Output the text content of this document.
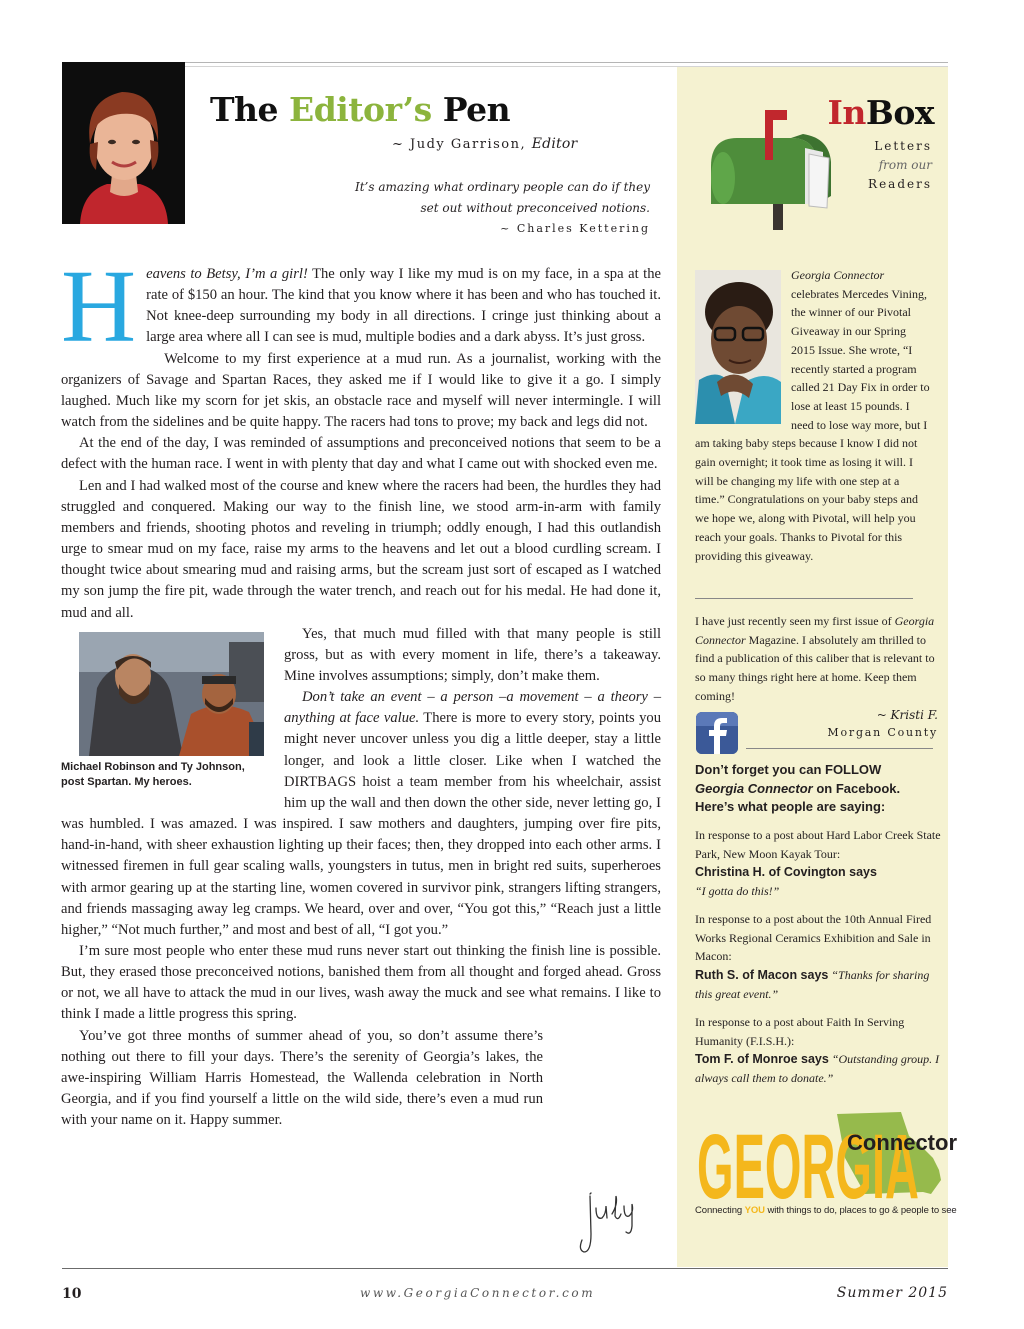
The Editor’s Pen
~ Judy Garrison, Editor
It’s amazing what ordinary people can do if they set out without preconceived notions.
~ Charles Kettering

Heavens to Betsy, I’m a girl! The only way I like my mud is on my face, in a spa at the rate of $150 an hour. The kind that you know where it has been and who has touched it. Not knee-deep surrounding my body in all directions. I cringe just thinking about a large area where all I can see is mud, multiple bodies and a dark abyss. It’s just gross.

Welcome to my first experience at a mud run. As a journalist, working with the organizers of Savage and Spartan Races, they asked me if I would like to give it a go. I simply laughed. Much like my scorn for jet skis, an obstacle race and myself will never intermingle. I will watch from the sidelines and be quite happy. The racers had tons to prove; my back and legs did not.

At the end of the day, I was reminded of assumptions and preconceived notions that seem to be a defect with the human race. I went in with plenty that day and what I came out with shocked even me.

Len and I had walked most of the course and knew where the racers had been, the hurdles they had struggled and conquered. Making our way to the finish line, we stood arm-in-arm with family members and friends, shooting photos and reveling in triumph; oddly enough, I had this outlandish urge to smear mud on my face, raise my arms to the heavens and let out a blood curdling scream. I thought twice about smearing mud and raising arms, but the scream just sort of escaped as I watched my son jump the fire pit, wade through the water trench, and reach out for his medal. He had done it, mud and all.

Michael Robinson and Ty Johnson, post Spartan. My heroes.
Yes, that much mud filled with that many people is still gross, but as with every moment in life, there’s a takeaway. Mine involves assumptions; simply, don’t make them.

Don’t take an event – a person –a movement – a theory – anything at face value. There is more to every story, points you might never uncover unless you dig a little deeper, stay a little longer, and look a little closer. Like when I watched the DIRTBAGS hoist a team member from his wheelchair, assist him up the wall and then down the other side, never letting go, I was humbled. I was amazed. I was inspired. I saw mothers and daughters, jumping over fire pits, hand-in-hand, with sheer exhaustion lighting up their faces; then, they dropped into each other arms. I witnessed firemen in full gear scaling walls, youngsters in tutus, men in bright red suits, superheroes with armor gearing up at the starting line, women covered in survivor pink, strangers lifting strangers, and friends massaging away leg cramps. We heard, over and over, “You got this,” “Reach just a little higher,” “Not much further,” and most and best of all, “I got you.”

I’m sure most people who enter these mud runs never start out thinking the finish line is possible. But, they erased those preconceived notions, banished them from all thought and forged ahead. Gross or not, we all have to attack the mud in our lives, wash away the muck and see what remains. I like to think I made a little progress this spring.

You’ve got three months of summer ahead of you, so don’t assume there’s nothing out there to fill your days. There’s the serenity of Georgia’s lakes, the awe-inspiring William Harris Homestead, the Wallenda celebration in North Georgia, and if you find yourself a little on the wild side, there’s even a mud run with your name on it. Happy summer.

InBox
Letters
from our
Readers
Georgia Connector celebrates Mercedes Vining, the winner of our Pivotal Giveaway in our Spring 2015 Issue. She wrote, “I recently started a program called 21 Day Fix in order to lose at least 15 pounds. I need to lose way more, but I am taking baby steps because I know I did not gain overnight; it took time as losing it will. I will be changing my life with one step at a time.” Congratulations on your baby steps and we hope we, along with Pivotal, will help you reach your goals. Thanks to Pivotal for this providing this giveaway.
I have just recently seen my first issue of Georgia Connector Magazine. I absolutely am thrilled to find a publication of this caliber that is relevant to so many things right here at home. Keep them coming!
~ Kristi F.
Morgan County
Don’t forget you can FOLLOW
Georgia Connector on Facebook.
Here’s what people are saying:
In response to a post about Hard Labor Creek State Park, New Moon Kayak Tour:
Christina H. of Covington says
“I gotta do this!”
In response to a post about the 10th Annual Fired Works Regional Ceramics Exhibition and Sale in Macon:
Ruth S. of Macon says “Thanks for sharing this great event.”
In response to a post about Faith In Serving Humanity (F.I.S.H.):
Tom F. of Monroe says “Outstanding group. I always call them to donate.”
GEORGIA
Connector
Connecting YOU with things to do, places to go & people to see
10	www.GeorgiaConnector.com	Summer 2015
